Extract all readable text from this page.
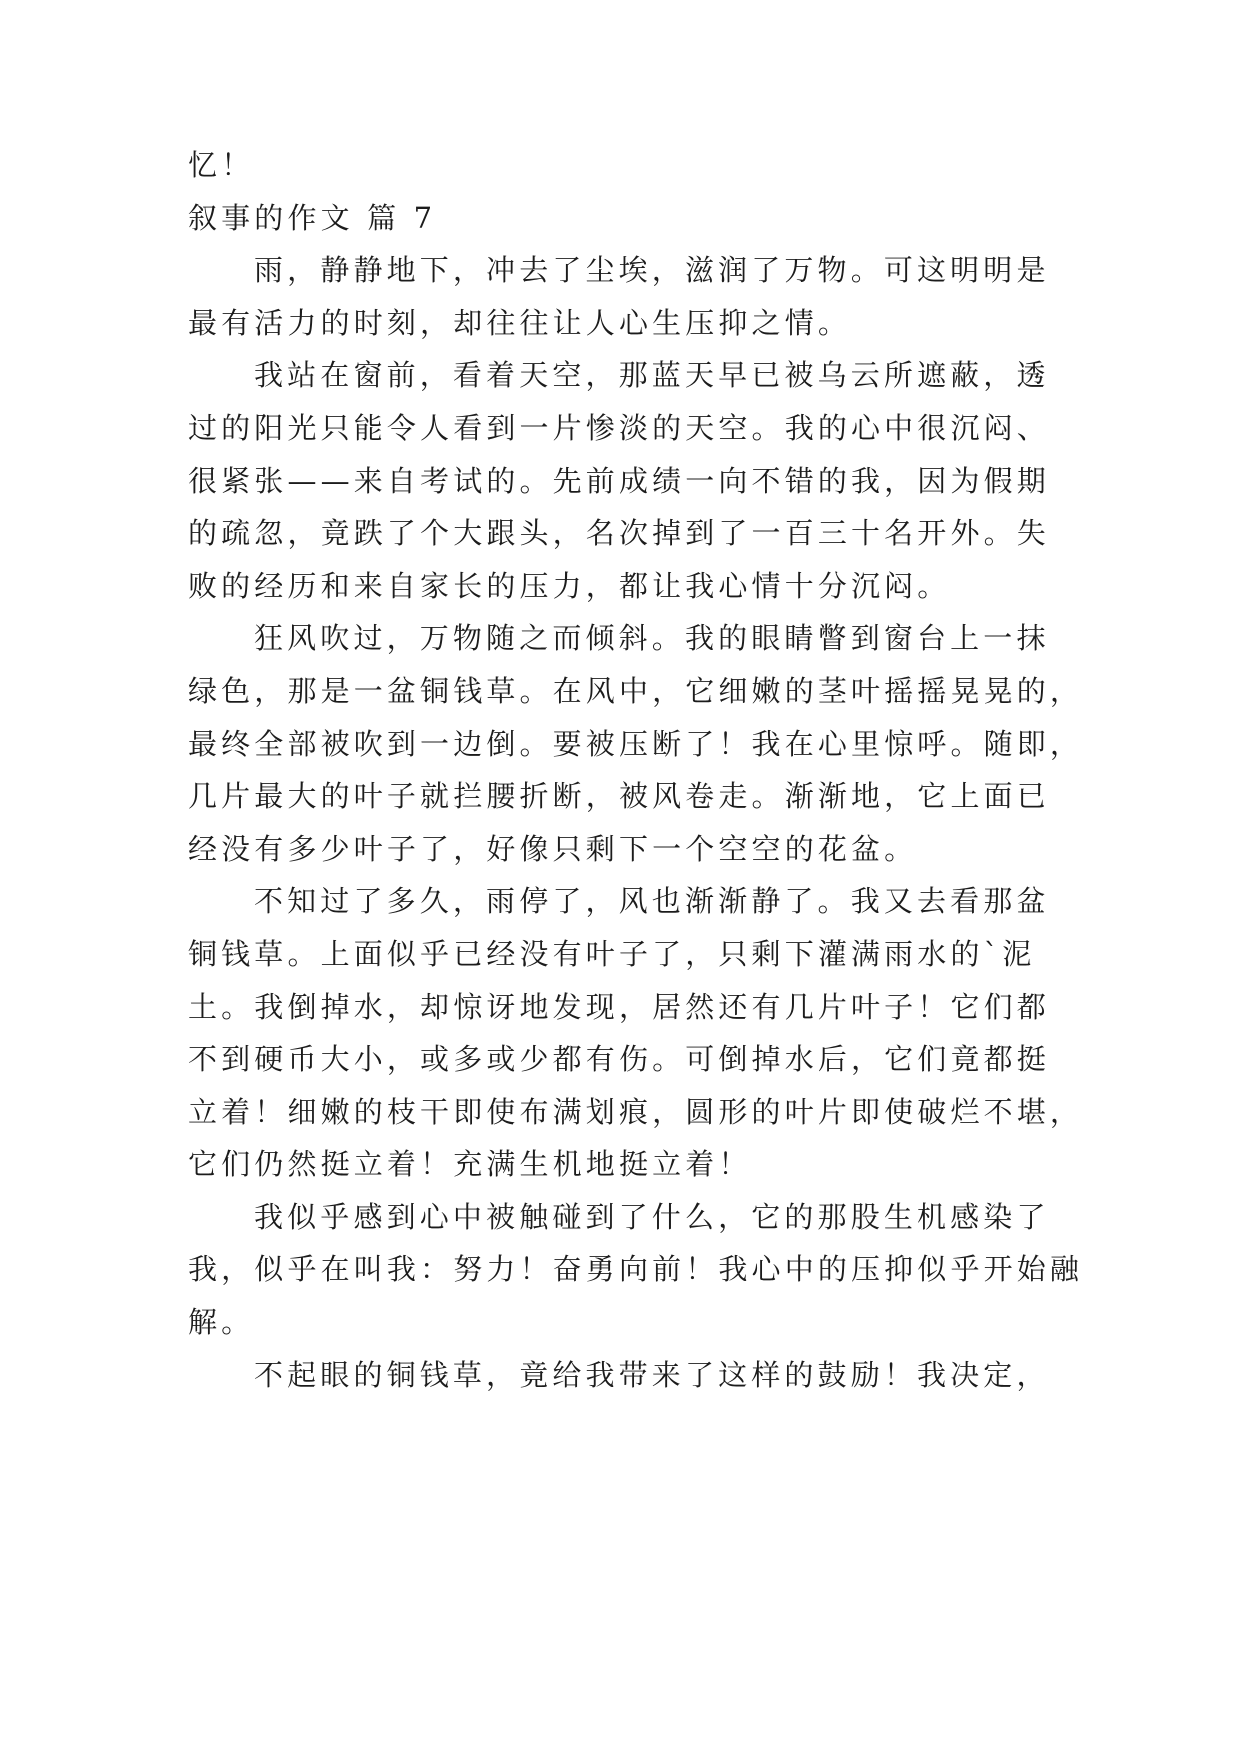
忆！
叙事的作文 篇 7
雨，静静地下，冲去了尘埃，滋润了万物。可这明明是
最有活力的时刻，却往往让人心生压抑之情。
我站在窗前，看着天空，那蓝天早已被乌云所遮蔽，透
过的阳光只能令人看到一片惨淡的天空。我的心中很沉闷、
很紧张——来自考试的。先前成绩一向不错的我，因为假期
的疏忽，竟跌了个大跟头，名次掉到了一百三十名开外。失
败的经历和来自家长的压力，都让我心情十分沉闷。
狂风吹过，万物随之而倾斜。我的眼睛瞥到窗台上一抹
绿色，那是一盆铜钱草。在风中，它细嫩的茎叶摇摇晃晃的，
最终全部被吹到一边倒。要被压断了！我在心里惊呼。随即，
几片最大的叶子就拦腰折断，被风卷走。渐渐地，它上面已
经没有多少叶子了，好像只剩下一个空空的花盆。
不知过了多久，雨停了，风也渐渐静了。我又去看那盆
铜钱草。上面似乎已经没有叶子了，只剩下灌满雨水的`泥
土。我倒掉水，却惊讶地发现，居然还有几片叶子！它们都
不到硬币大小，或多或少都有伤。可倒掉水后，它们竟都挺
立着！细嫩的枝干即使布满划痕，圆形的叶片即使破烂不堪，
它们仍然挺立着！充满生机地挺立着！
我似乎感到心中被触碰到了什么，它的那股生机感染了
我，似乎在叫我：努力！奋勇向前！我心中的压抑似乎开始融
解。
不起眼的铜钱草，竟给我带来了这样的鼓励！我决定，
